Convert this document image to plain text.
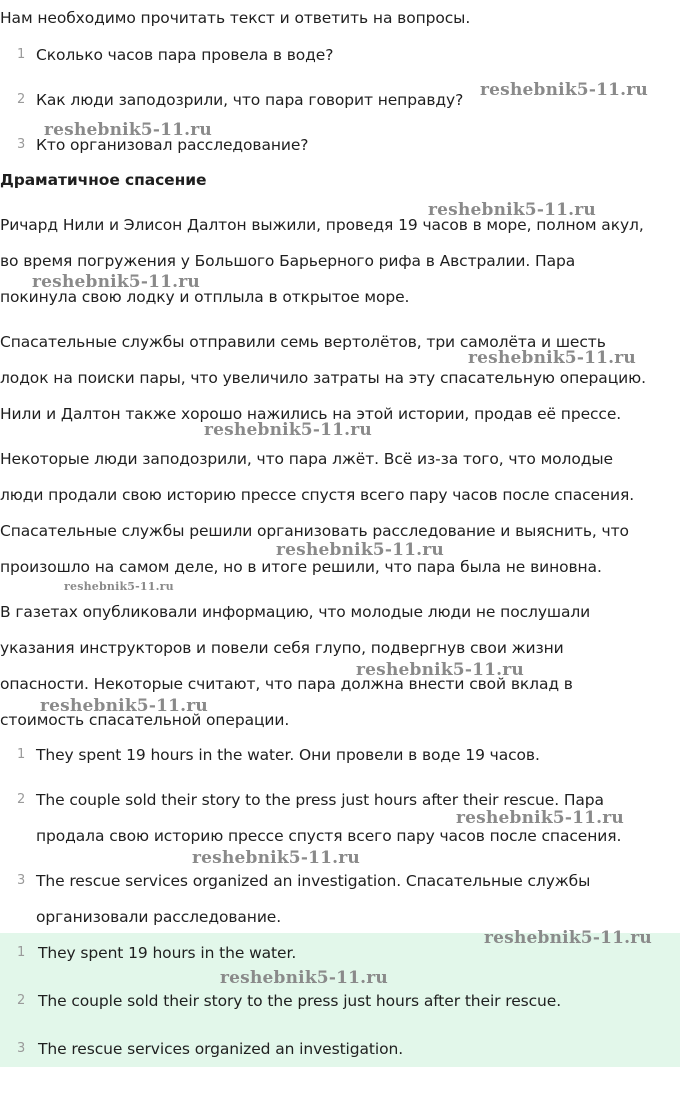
Нам необходимо прочитать текст и ответить на вопросы.
1 Сколько часов пара провела в воде?
2 Как люди заподозрили, что пара говорит неправду?
3 Кто организовал расследование?
Драматичное спасение
Ричард Нили и Элисон Далтон выжили, проведя 19 часов в море, полном акул,
во время погружения у Большого Барьерного рифа в Австралии. Пара
покинула свою лодку и отплыла в открытое море.
Спасательные службы отправили семь вертолётов, три самолёта и шесть
лодок на поиски пары, что увеличило затраты на эту спасательную операцию.
Нили и Далтон также хорошо нажились на этой истории, продав её прессе.
Некоторые люди заподозрили, что пара лжёт. Всё из-за того, что молодые
люди продали свою историю прессе спустя всего пару часов после спасения.
Спасательные службы решили организовать расследование и выяснить, что
произошло на самом деле, но в итоге решили, что пара была не виновна.
В газетах опубликовали информацию, что молодые люди не послушали
указания инструкторов и повели себя глупо, подвергнув свои жизни
опасности. Некоторые считают, что пара должна внести свой вклад в
стоимость спасательной операции.
1 They spent 19 hours in the water. Они провели в воде 19 часов.
2 The couple sold their story to the press just hours after their rescue. Пара
продала свою историю прессе спустя всего пару часов после спасения.
3 The rescue services organized an investigation. Спасательные службы
организовали расследование.
1 They spent 19 hours in the water.
2 The couple sold their story to the press just hours after their rescue.
3 The rescue services organized an investigation.
reshebnik5-11.ru
reshebnik5-11.ru
reshebnik5-11.ru
reshebnik5-11.ru
reshebnik5-11.ru
reshebnik5-11.ru
reshebnik5-11.ru
reshebnik5-11.ru
reshebnik5-11.ru
reshebnik5-11.ru
reshebnik5-11.ru
reshebnik5-11.ru
reshebnik5-11.ru
reshebnik5-11.ru
